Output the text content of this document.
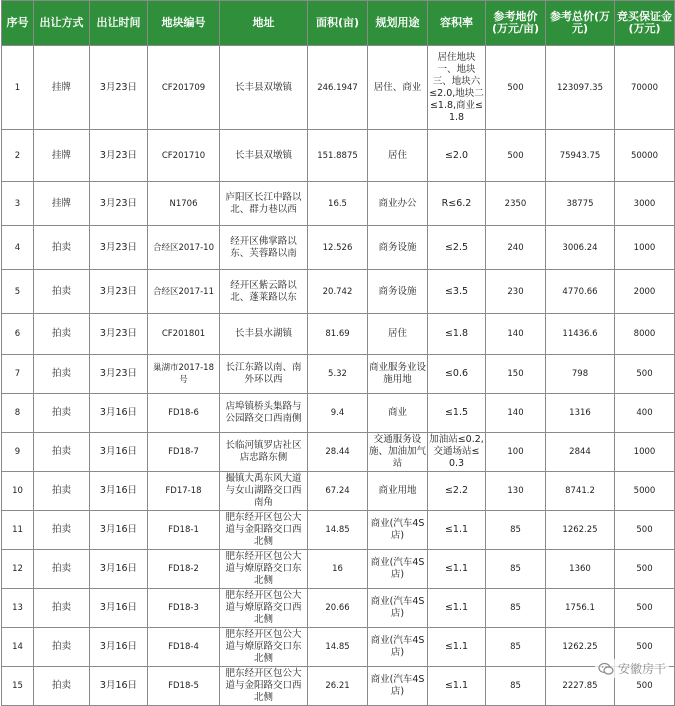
序号	出让方式	出让时间	地块编号	地址	面积(亩)	规划用途	容积率	参考地价(万元/亩)	参考总价(万元)	竞买保证金(万元)
1	挂牌	3月23日	CF201709	长丰县双墩镇	246.1947	居住、商业	居住地块一、地块三、地块六≤2.0,地块二≤1.8,商业≤1.8	500	123097.35	70000
2	挂牌	3月23日	CF201710	长丰县双墩镇	151.8875	居住	≤2.0	500	75943.75	50000
3	挂牌	3月23日	N1706	庐阳区长江中路以北、群力巷以西	16.5	商业办公	R≤6.2	2350	38775	3000
4	拍卖	3月23日	合经区2017-10	经开区佛掌路以东、芙蓉路以南	12.526	商务设施	≤2.5	240	3006.24	1000
5	拍卖	3月23日	合经区2017-11	经开区紫云路以北、蓬莱路以东	20.742	商务设施	≤3.5	230	4770.66	2000
6	拍卖	3月23日	CF201801	长丰县水湖镇	81.69	居住	≤1.8	140	11436.6	8000
7	拍卖	3月23日	巢湖市2017-18号	长江东路以南、南外环以西	5.32	商业服务业设施用地	≤0.6	150	798	500
8	拍卖	3月16日	FD18-6	店埠镇桥头集路与公园路交口西南侧	9.4	商业	≤1.5	140	1316	400
9	拍卖	3月16日	FD18-7	长临河镇罗店社区店忠路东侧	28.44	交通服务设施、加油加气站	加油站≤0.2,交通场站≤0.3	100	2844	1000
10	拍卖	3月16日	FD17-18	撮镇大禹东风大道与女山湖路交口西南角	67.24	商业用地	≤2.2	130	8741.2	5000
11	拍卖	3月16日	FD18-1	肥东经开区包公大道与金阳路交口西北侧	14.85	商业(汽车4S店)	≤1.1	85	1262.25	500
12	拍卖	3月16日	FD18-2	肥东经开区包公大道与燎原路交口东北侧	16	商业(汽车4S店)	≤1.1	85	1360	500
13	拍卖	3月16日	FD18-3	肥东经开区包公大道与燎原路交口西北侧	20.66	商业(汽车4S店)	≤1.1	85	1756.1	500
14	拍卖	3月16日	FD18-4	肥东经开区包公大道与燎原路交口东北侧	14.85	商业(汽车4S店)	≤1.1	85	1262.25	500
15	拍卖	3月16日	FD18-5	肥东经开区包公大道与金阳路交口西北侧	26.21	商业(汽车4S店)	≤1.1	85	2227.85	500
安徽房干
